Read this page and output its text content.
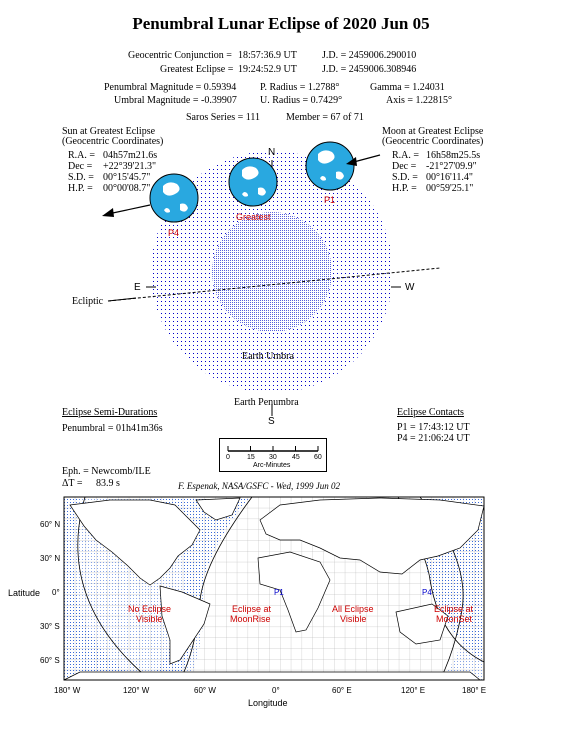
Penumbral Lunar Eclipse of 2020 Jun 05
Geocentric Conjunction = 18:57:36.9 UT	J.D. = 2459006.290010
Greatest Eclipse = 19:24:52.9 UT	J.D. = 2459006.308946
Penumbral Magnitude = 0.59394 P. Radius = 1.2788°	Gamma = 1.24031
Umbral Magnitude = -0.39907 U. Radius = 0.7429°	Axis = 1.22815°
Saros Series = 111	Member = 67 of 71
Sun at Greatest Eclipse
(Geocentric Coordinates)
R.A. = 04h57m21.6s
Dec = +22°39'21.3"
S.D. = 00°15'45.7"
H.P. = 00°00'08.7"
Moon at Greatest Eclipse
(Geocentric Coordinates)
R.A. = 16h58m25.5s
Dec = -21°27'09.9"
S.D. = 00°16'11.4"
H.P. = 00°59'25.1"
N
E	W
S
Ecliptic
Earth Umbra
Earth Penumbra
P1
Greatest
P4
Eclipse Semi-Durations
Penumbral = 01h41m36s
Eclipse Contacts
P1 = 17:43:12 UT
P4 = 21:06:24 UT
0 15 30 45 60
Arc-Minutes
Eph. = Newcomb/ILE
ΔT = 83.9 s	F. Espenak, NASA/GSFC - Wed, 1999 Jun 02
Latitude
Longitude
60° N
30° N
0°
30° S
60° S
180° W	120° W	60° W	0°	60° E	120° E	180° E
No Eclipse
Visible
Eclipse at
MoonRise
All Eclipse
Visible
Eclipse at
MoonSet
P1	P4
